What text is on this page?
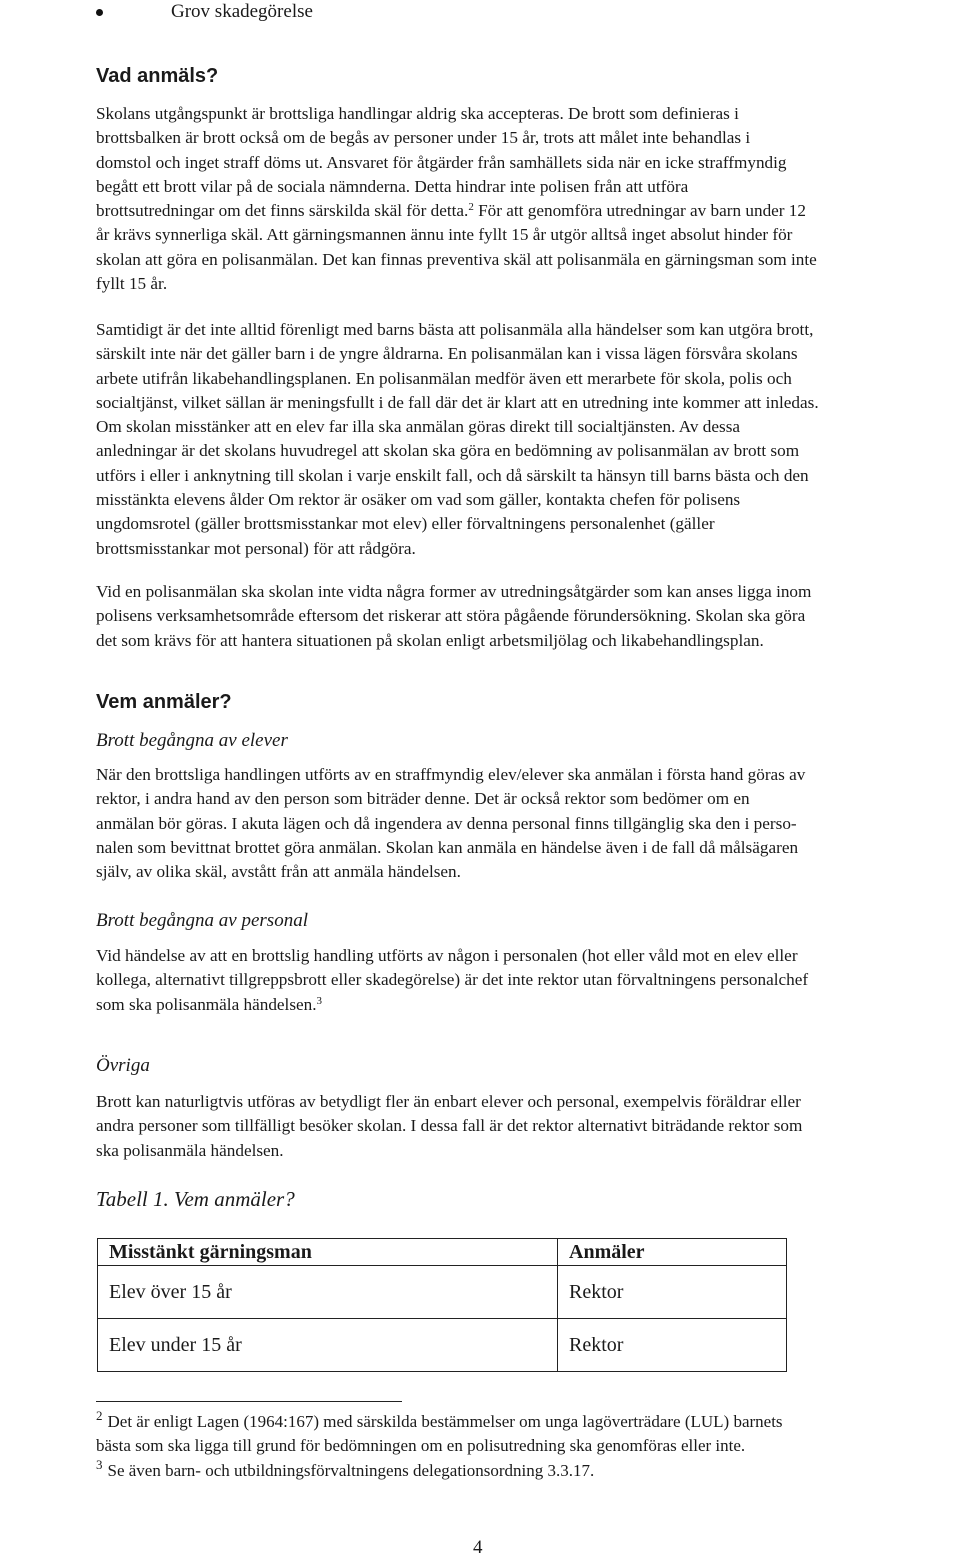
Grov skadegörelse
Vad anmäls?
Skolans utgångspunkt är brottsliga handlingar aldrig ska accepteras. De brott som definieras i
brottsbalken är brott också om de begås av personer under 15 år, trots att målet inte behandlas i
domstol och inget straff döms ut. Ansvaret för åtgärder från samhällets sida när en icke straffmyndig
begått ett brott vilar på de sociala nämnderna. Detta hindrar inte polisen från att utföra
brottsutredningar om det finns särskilda skäl för detta.$^2$ För att genomföra utredningar av barn under 12
år krävs synnerliga skäl. Att gärningsmannen ännu inte fyllt 15 år utgör alltså inget absolut hinder för
skolan att göra en polisanmälan. Det kan finnas preventiva skäl att polisanmäla en gärningsman som inte
fyllt 15 år.
Samtidigt är det inte alltid förenligt med barns bästa att polisanmäla alla händelser som kan utgöra brott,
särskilt inte när det gäller barn i de yngre åldrarna. En polisanmälan kan i vissa lägen försvåra skolans
arbete utifrån likabehandlingsplanen. En polisanmälan medför även ett merarbete för skola, polis och
socialtjänst, vilket sällan är meningsfullt i de fall där det är klart att en utredning inte kommer att inledas.
Om skolan misstänker att en elev far illa ska anmälan göras direkt till socialtjänsten. Av dessa
anledningar är det skolans huvudregel att skolan ska göra en bedömning av polisanmälan av brott som
utförs i eller i anknytning till skolan i varje enskilt fall, och då särskilt ta hänsyn till barns bästa och den
misstänkta elevens ålder Om rektor är osäker om vad som gäller, kontakta chefen för polisens
ungdomsrotel (gäller brottsmisstankar mot elev) eller förvaltningens personalenhet (gäller
brottsmisstankar mot personal) för att rådgöra.
Vid en polisanmälan ska skolan inte vidta några former av utredningsåtgärder som kan anses ligga inom
polisens verksamhetsområde eftersom det riskerar att störa pågående förundersökning. Skolan ska göra
det som krävs för att hantera situationen på skolan enligt arbetsmiljölag och likabehandlingsplan.
Vem anmäler?
Brott begångna av elever
När den brottsliga handlingen utförts av en straffmyndig elev/elever ska anmälan i första hand göras av
rektor, i andra hand av den person som biträder denne. Det är också rektor som bedömer om en
anmälan bör göras. I akuta lägen och då ingendera av denna personal finns tillgänglig ska den i perso-
nalen som bevittnat brottet göra anmälan. Skolan kan anmäla en händelse även i de fall då målsägaren
själv, av olika skäl, avstått från att anmäla händelsen.
Brott begångna av personal
Vid händelse av att en brottslig handling utförts av någon i personalen (hot eller våld mot en elev eller
kollega, alternativt tillgreppsbrott eller skadegörelse) är det inte rektor utan förvaltningens personalchef
som ska polisanmäla händelsen.$^3$
Övriga
Brott kan naturligtvis utföras av betydligt fler än enbart elever och personal, exempelvis föräldrar eller
andra personer som tillfälligt besöker skolan. I dessa fall är det rektor alternativt biträdande rektor som
ska polisanmäla händelsen.
Tabell 1. Vem anmäler?
Misstänkt gärningsman	Anmäler
Elev över 15 år	Rektor
Elev under 15 år	Rektor
$^2$ Det är enligt Lagen (1964:167) med särskilda bestämmelser om unga lagöverträdare (LUL) barnets
bästa som ska ligga till grund för bedömningen om en polisutredning ska genomföras eller inte.
$^3$ Se även barn- och utbildningsförvaltningens delegationsordning 3.3.17.
4
